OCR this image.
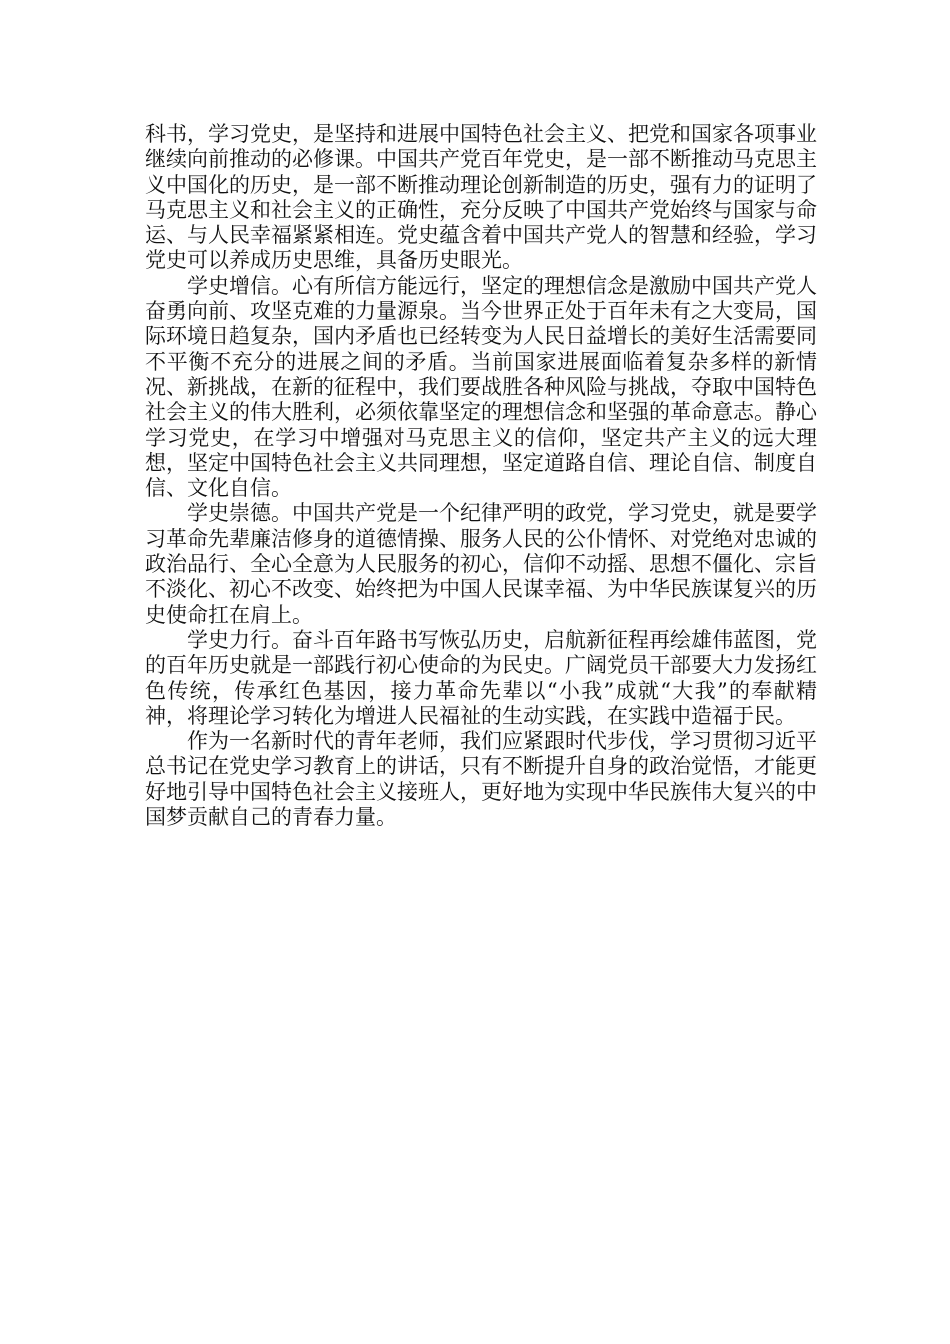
科书，学习党史，是坚持和进展中国特色社会主义、把党和国家各项事业继续向前推动的必修课。中国共产党百年党史，是一部不断推动马克思主义中国化的历史，是一部不断推动理论创新制造的历史，强有力的证明了马克思主义和社会主义的正确性，充分反映了中国共产党始终与国家与命运、与人民幸福紧紧相连。党史蕴含着中国共产党人的智慧和经验，学习党史可以养成历史思维，具备历史眼光。

学史增信。心有所信方能远行，坚定的理想信念是激励中国共产党人奋勇向前、攻坚克难的力量源泉。当今世界正处于百年未有之大变局，国际环境日趋复杂，国内矛盾也已经转变为人民日益增长的美好生活需要同不平衡不充分的进展之间的矛盾。当前国家进展面临着复杂多样的新情况、新挑战，在新的征程中，我们要战胜各种风险与挑战，夺取中国特色社会主义的伟大胜利，必须依靠坚定的理想信念和坚强的革命意志。静心学习党史，在学习中增强对马克思主义的信仰，坚定共产主义的远大理想，坚定中国特色社会主义共同理想，坚定道路自信、理论自信、制度自信、文化自信。

学史崇德。中国共产党是一个纪律严明的政党，学习党史，就是要学习革命先辈廉洁修身的道德情操、服务人民的公仆情怀、对党绝对忠诚的政治品行、全心全意为人民服务的初心，信仰不动摇、思想不僵化、宗旨不淡化、初心不改变、始终把为中国人民谋幸福、为中华民族谋复兴的历史使命扛在肩上。

学史力行。奋斗百年路书写恢弘历史，启航新征程再绘雄伟蓝图，党的百年历史就是一部践行初心使命的为民史。广阔党员干部要大力发扬红色传统，传承红色基因，接力革命先辈以“小我”成就“大我”的奉献精神，将理论学习转化为增进人民福祉的生动实践，在实践中造福于民。

作为一名新时代的青年老师，我们应紧跟时代步伐，学习贯彻习近平总书记在党史学习教育上的讲话，只有不断提升自身的政治觉悟，才能更好地引导中国特色社会主义接班人，更好地为实现中华民族伟大复兴的中国梦贡献自己的青春力量。
